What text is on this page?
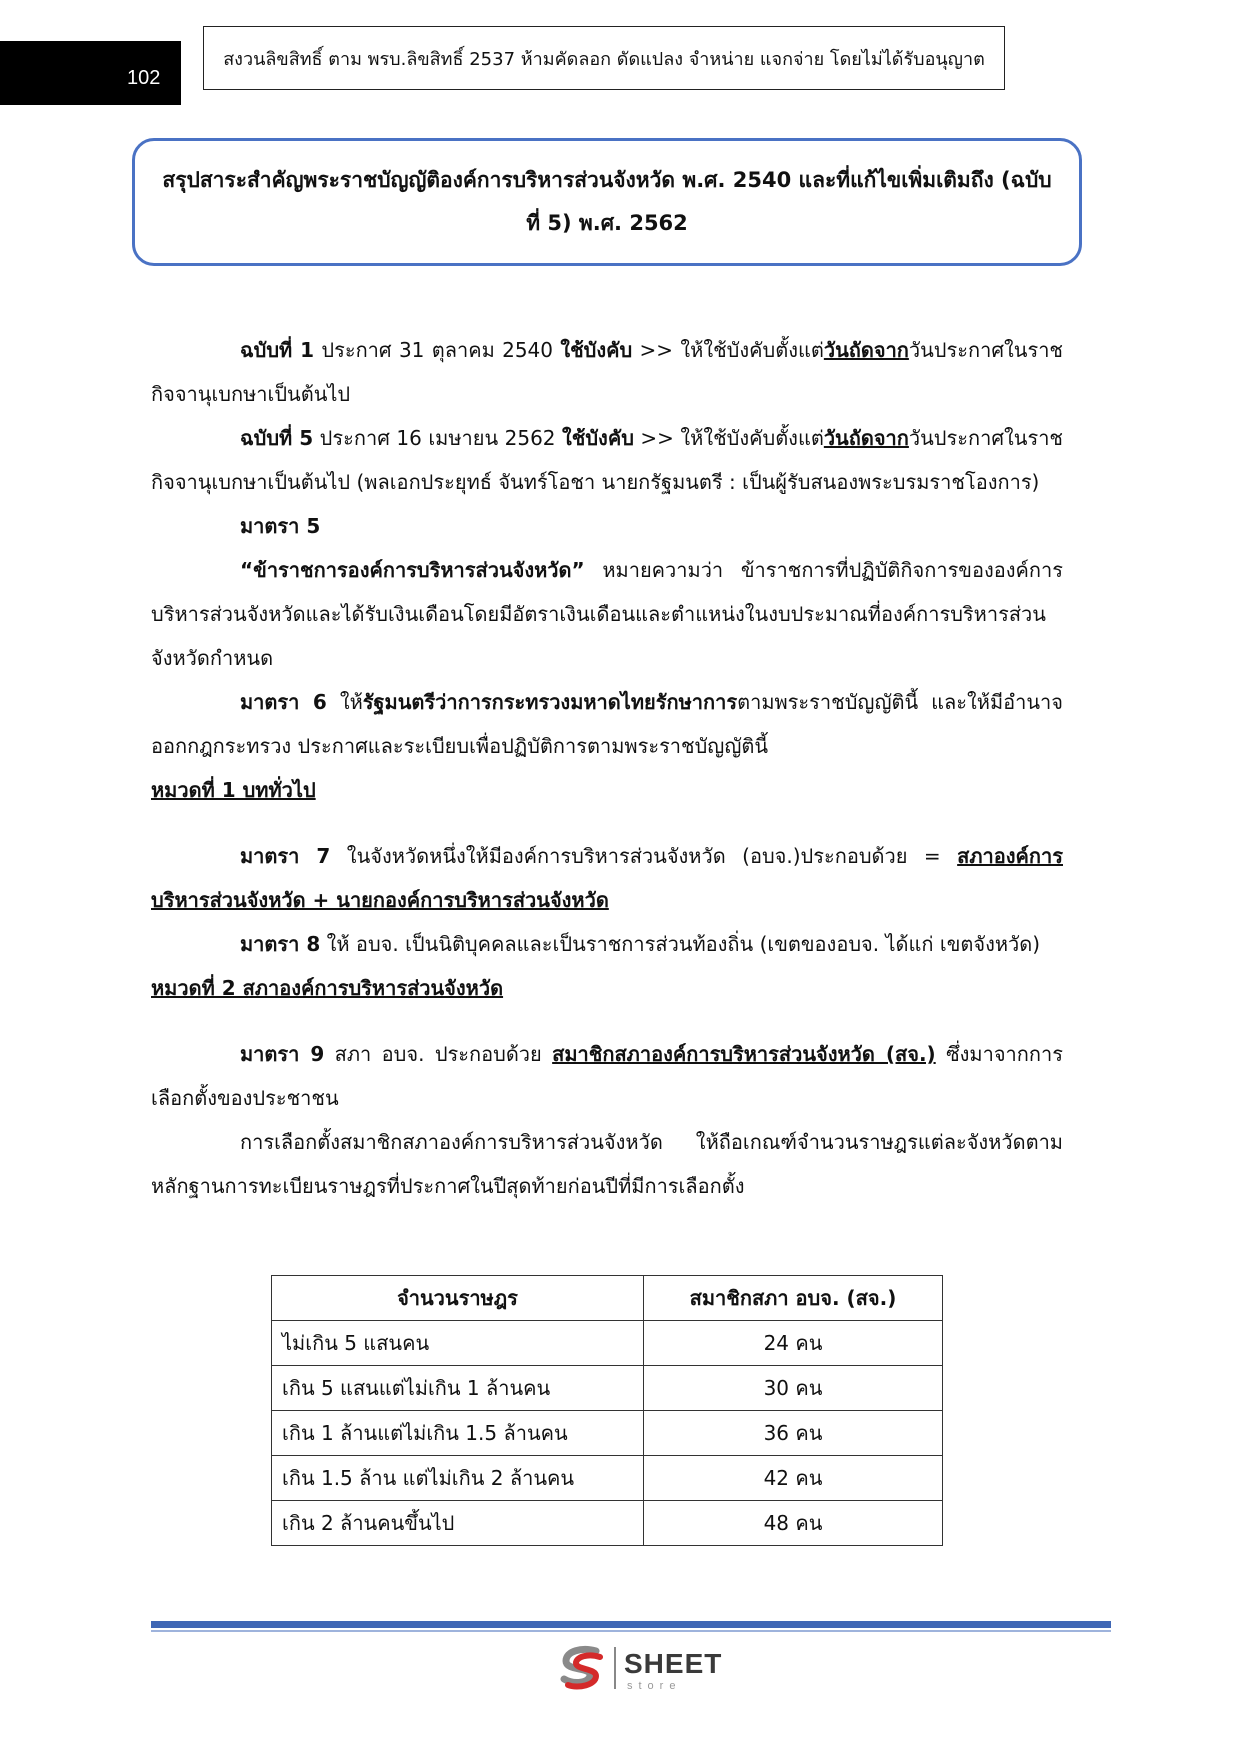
102
สงวนลิขสิทธิ์ ตาม พรบ.ลิขสิทธิ์ 2537 ห้ามคัดลอก ดัดแปลง จำหน่าย แจกจ่าย โดยไม่ได้รับอนุญาต
สรุปสาระสำคัญพระราชบัญญัติองค์การบริหารส่วนจังหวัด พ.ศ. 2540 และที่แก้ไขเพิ่มเติมถึง (ฉบับ
ที่ 5) พ.ศ. 2562

ฉบับที่ 1 ประกาศ 31 ตุลาคม 2540 ใช้บังคับ >> ให้ใช้บังคับตั้งแต่วันถัดจากวันประกาศในราชกิจจานุเบกษาเป็นต้นไป

ฉบับที่ 5 ประกาศ 16 เมษายน 2562 ใช้บังคับ >> ให้ใช้บังคับตั้งแต่วันถัดจากวันประกาศในราชกิจจานุเบกษาเป็นต้นไป (พลเอกประยุทธ์ จันทร์โอชา นายกรัฐมนตรี : เป็นผู้รับสนองพระบรมราชโองการ)

มาตรา 5

“ข้าราชการองค์การบริหารส่วนจังหวัด” หมายความว่า ข้าราชการที่ปฏิบัติกิจการขององค์การบริหารส่วนจังหวัดและได้รับเงินเดือนโดยมีอัตราเงินเดือนและตำแหน่งในงบประมาณที่องค์การบริหารส่วนจังหวัดกำหนด

มาตรา 6 ให้รัฐมนตรีว่าการกระทรวงมหาดไทยรักษาการตามพระราชบัญญัตินี้ และให้มีอำนาจออกกฎกระทรวง ประกาศและระเบียบเพื่อปฏิบัติการตามพระราชบัญญัตินี้

หมวดที่ 1 บททั่วไป

มาตรา 7 ในจังหวัดหนึ่งให้มีองค์การบริหารส่วนจังหวัด (อบจ.)ประกอบด้วย = สภาองค์การบริหารส่วนจังหวัด + นายกองค์การบริหารส่วนจังหวัด

มาตรา 8 ให้ อบจ. เป็นนิติบุคคลและเป็นราชการส่วนท้องถิ่น (เขตของอบจ. ได้แก่ เขตจังหวัด)

หมวดที่ 2 สภาองค์การบริหารส่วนจังหวัด

มาตรา 9 สภา อบจ. ประกอบด้วย สมาชิกสภาองค์การบริหารส่วนจังหวัด (สจ.) ซึ่งมาจากการเลือกตั้งของประชาชน

การเลือกตั้งสมาชิกสภาองค์การบริหารส่วนจังหวัด ให้ถือเกณฑ์จำนวนราษฎรแต่ละจังหวัดตามหลักฐานการทะเบียนราษฎรที่ประกาศในปีสุดท้ายก่อนปีที่มีการเลือกตั้ง

จำนวนราษฎร	สมาชิกสภา อบจ. (สจ.)
ไม่เกิน 5 แสนคน	24 คน
เกิน 5 แสนแต่ไม่เกิน 1 ล้านคน	30 คน
เกิน 1 ล้านแต่ไม่เกิน 1.5 ล้านคน	36 คน
เกิน 1.5 ล้าน แต่ไม่เกิน 2 ล้านคน	42 คน
เกิน 2 ล้านคนขึ้นไป	48 คน
SHEET
store
